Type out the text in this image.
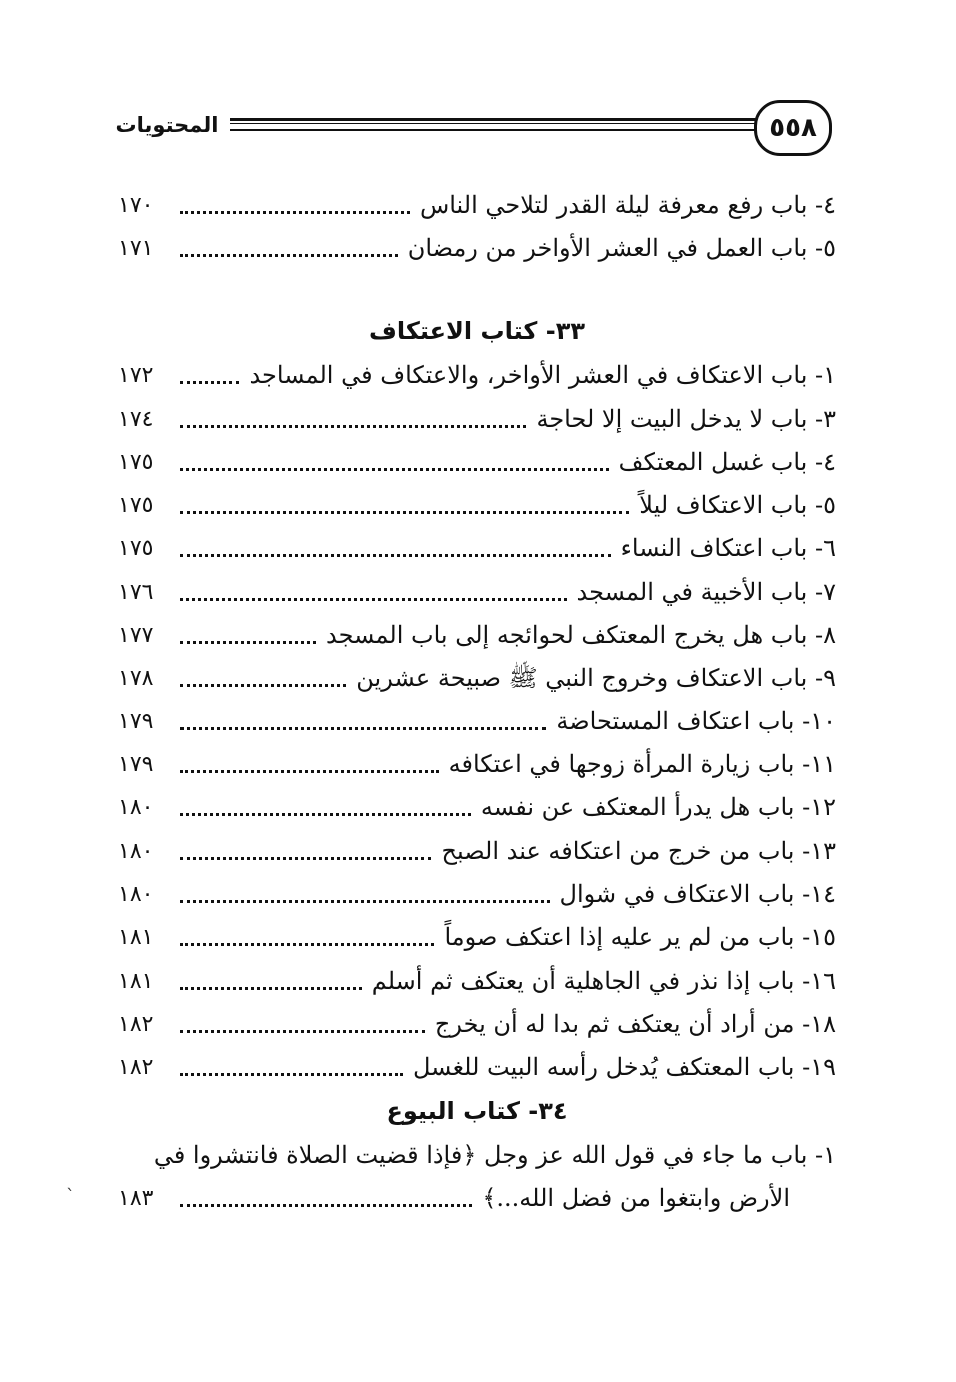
٥٥٨
المحتويات
٤- باب رفع معرفة ليلة القدر لتلاحي الناس
١٧٠
٥- باب العمل في العشر الأواخر من رمضان
١٧١
٣٣- كتاب الاعتكاف
١- باب الاعتكاف في العشر الأواخر، والاعتكاف في المساجد
١٧٢
٣- باب لا يدخل البيت إلا لحاجة
١٧٤
٤- باب غسل المعتكف
١٧٥
٥- باب الاعتكاف ليلاً
١٧٥
٦- باب اعتكاف النساء
١٧٥
٧- باب الأخبية في المسجد
١٧٦
٨- باب هل يخرج المعتكف لحوائجه إلى باب المسجد
١٧٧
٩- باب الاعتكاف وخروج النبي ﷺ صبيحة عشرين
١٧٨
١٠- باب اعتكاف المستحاضة
١٧٩
١١- باب زيارة المرأة زوجها في اعتكافه
١٧٩
١٢- باب هل يدرأ المعتكف عن نفسه
١٨٠
١٣- باب من خرج من اعتكافه عند الصبح
١٨٠
١٤- باب الاعتكاف في شوال
١٨٠
١٥- باب من لم ير عليه إذا اعتكف صوماً
١٨١
١٦- باب إذا نذر في الجاهلية أن يعتكف ثم أسلم
١٨١
١٨- من أراد أن يعتكف ثم بدا له أن يخرج
١٨٢
١٩- باب المعتكف يُدخل رأسه البيت للغسل
١٨٢
٣٤- كتاب البيوع
١- باب ما جاء في قول الله عز وجل ﴿فإذا قضيت الصلاة فانتشروا في
الأرض وابتغوا من فضل الله...﴾
١٨٣
`
